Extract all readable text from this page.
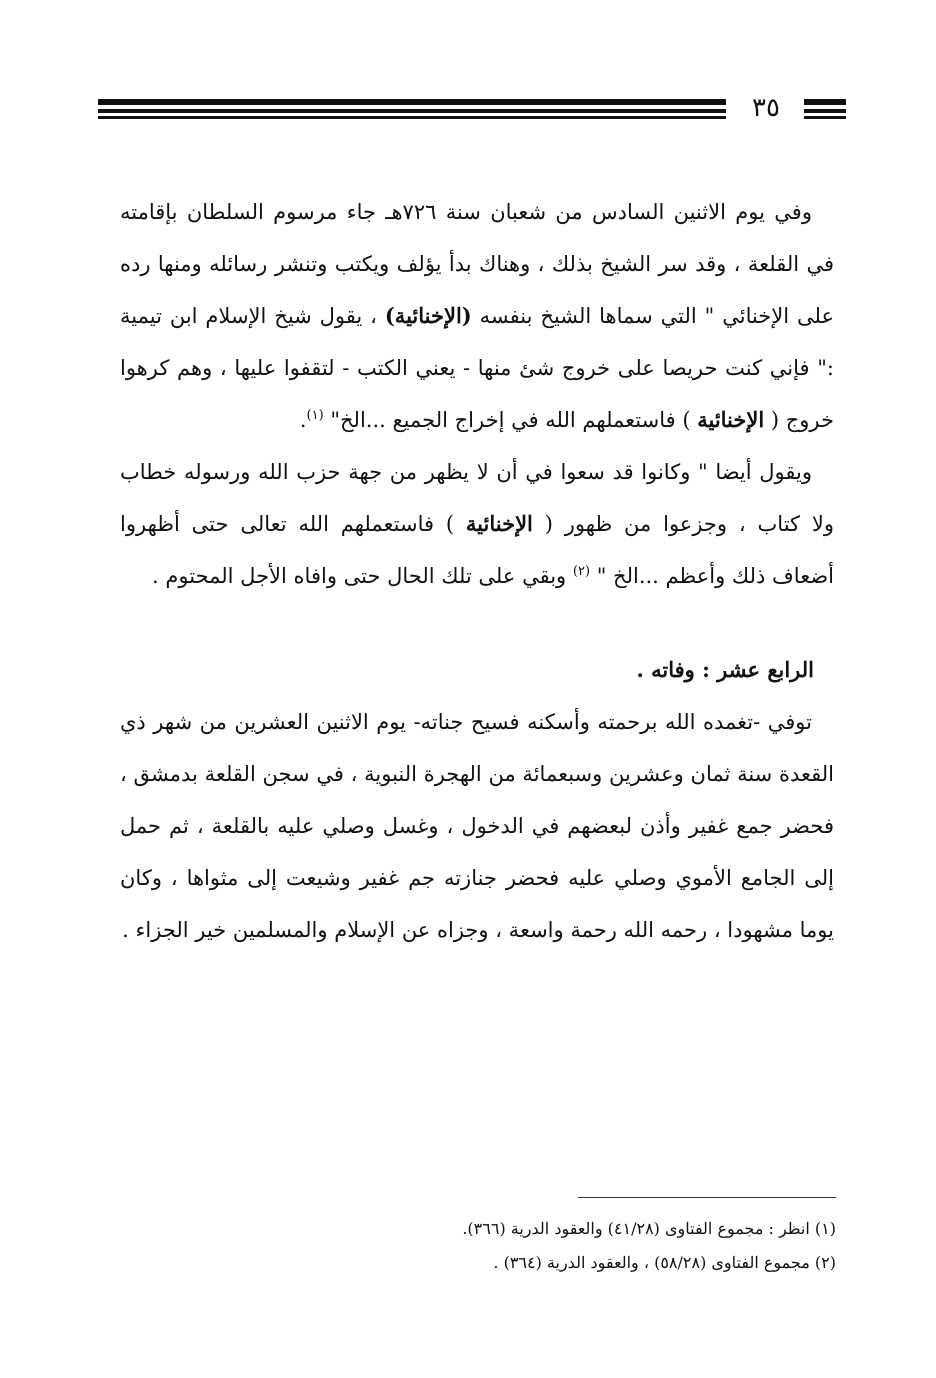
٣٥

وفي يوم الاثنين السادس من شعبان سنة ٧٢٦هـ جاء مرسوم السلطان بإقامته في القلعة ، وقد سر الشيخ بذلك ، وهناك بدأ يؤلف ويكتب وتنشر رسائله ومنها رده على الإخنائي " التي سماها الشيخ بنفسه (الإخنائية) ، يقول شيخ الإسلام ابن تيمية :" فإني كنت حريصا على خروج شئ منها - يعني الكتب - لتقفوا عليها ، وهم كرهوا خروج ( الإخنائية ) فاستعملهم الله في إخراج الجميع ...الخ" $^{(١)}$.

ويقول أيضا " وكانوا قد سعوا في أن لا يظهر من جهة حزب الله ورسوله خطاب ولا كتاب ، وجزعوا من ظهور ( الإخنائية ) فاستعملهم الله تعالى حتى أظهروا أضعاف ذلك وأعظم ...الخ " $^{(٢)}$ وبقي على تلك الحال حتى وافاه الأجل المحتوم .

الرابع عشر : وفاته .

توفي -تغمده الله برحمته وأسكنه فسيح جناته- يوم الاثنين العشرين من شهر ذي القعدة سنة ثمان وعشرين وسبعمائة من الهجرة النبوية ، في سجن القلعة بدمشق ، فحضر جمع غفير وأذن لبعضهم في الدخول ، وغسل وصلي عليه بالقلعة ، ثم حمل إلى الجامع الأموي وصلي عليه فحضر جنازته جم غفير وشيعت إلى مثواها ، وكان يوما مشهودا ، رحمه الله رحمة واسعة ، وجزاه عن الإسلام والمسلمين خير الجزاء .

(١) انظر : مجموع الفتاوى (٤١/٢٨) والعقود الدرية (٣٦٦).
(٢) مجموع الفتاوى (٥٨/٢٨) ، والعقود الدرية (٣٦٤) .
